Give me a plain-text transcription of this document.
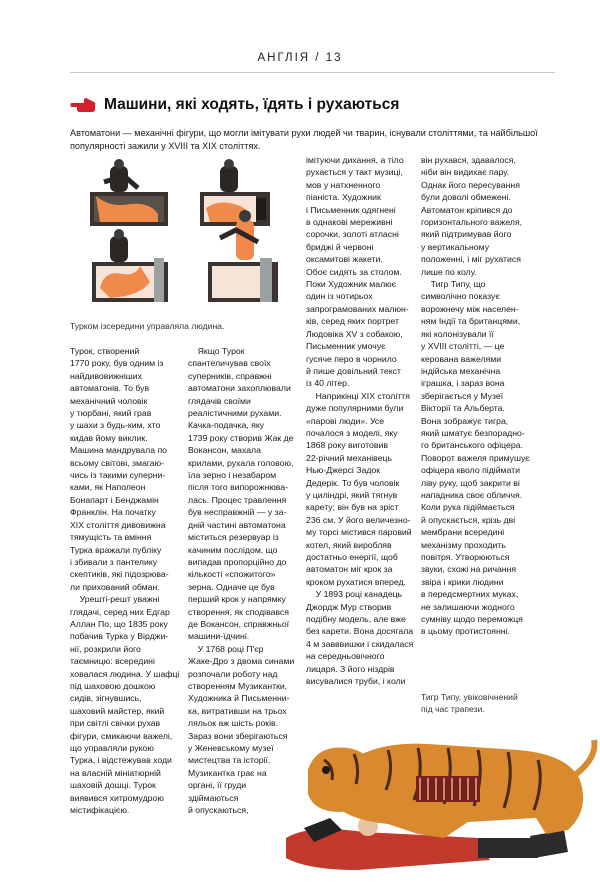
АНГЛІЯ / 13
Машини, які ходять, їдять і рухаються
Автоматони — механічні фігури, що могли імітувати рухи людей чи тварин, існували століттями, та найбільшої популярності зажили у XVIII та XIX століттях.
Турком ізсередини управляла людина.
Турок, створений
1770 року, був одним із
найдивовижніших
автоматонів. То був
механічний чоловік
у тюрбані, який грав
у шахи з будь-ким, хто
кидав йому виклик.
Машина мандрувала по
всьому світові, змагаю-
чись із такими суперни-
ками, як Наполеон
Бонапарт і Бенджамін
Франклін. На початку
XIX століття дивовижна
тямущість та вміння
Турка вражали публіку
і збивали з пантелику
скептиків, які підозрюва-
ли прихований обман.
Урешті-решт уважні
глядачі, серед них Едгар
Аллан По, що 1835 року
побачив Турка у Вірджи-
нії, розкрили його
таємницю: всередині
ховалася людина. У шафці
під шаховою дошкою
сидів, зігнувшись,
шаховий майстер, який
при світлі свічки рухав
фігури, смикаючи важелі,
що управляли рукою
Турка, і відстежував ходи
на власній мініатюрній
шаховій дошці. Турок
виявився хитромудрою
містифікацією.
Якщо Турок
спантеличував своїх
суперників, справжні
автоматони захоплювали
глядачів своїми
реалістичними рухами.
Качка-подачка, яку
1739 року створив Жак де
Вокансон, махала
крилами, рухала головою,
їла зерно і незабаром
після того випорожнюва-
лась. Процес травлення
був несправжній — у за-
дній частині автоматона
міститься резервуар із
качиним послідом, що
випадав пропорційно до
кількості «спожитого»
зерна. Одначе це був
перший крок у напрямку
створення, як сподівався
де Вокансон, справжньої
машини-їдчині.
У 1768 році П'єр
Жаке-Дро з двома синами
розпочали роботу над
створенням Музикантки,
Художника й Письменни-
ка, витративши на трьох
ляльок аж шість років.
Зараз вони зберігаються
у Женевському музеї
мистецтва та історії.
Музикантка грає на
органі, її груди
здіймаються
й опускаються,
імітуючи дихання, а тіло
рухається у такт музиці,
мов у натхненного
піаніста. Художник
і Письменник одягнені
в однакові мереживні
сорочки, золоті атласні
бриджі й червоні
оксамитові жакети.
Обоє сидять за столом.
Поки Художник малює
один із чотирьох
запрограмованих малюн-
ків, серед яких портрет
Людовіка XV з собакою,
Письменник умочує
гусяче перо в чорнило
й пише довільний текст
із 40 літер.
Наприкінці XIX століття
дуже популярними були
«парові люди». Усе
почалося з моделі, яку
1868 року виготовив
22-річний механівець
Нью-Джерсі Задок
Дедерік. То був чоловік
у циліндрі, який тягнув
карету; він був на зріст
236 см. У його величезно-
му торсі містився паровий
котел, який виробляв
достатньо енергії, щоб
автоматон міг крок за
кроком рухатися вперед.
У 1893 році канадець
Джордж Мур створив
подібну модель, але вже
без карети. Вона досягала
4 м завввишки і скидалася
на середньовічного
лицаря. З його ніздрів
висувалися труби, і коли
він рухався, здавалося,
ніби він видихає пару.
Однак його пересування
були доволі обмежені.
Автоматон кріпився до
горизонтального важеля,
який підтримував його
у вертикальному
положенні, і міг рухатися
лише по колу.
Тигр Типу, що
символічно показує
ворожнечу між населен-
ням Індії та британцями,
які колонізували її
у XVIII столітті, — це
керована важелями
індійська механічна
іграшка, і зараз вона
зберігається у Музеї
Вікторії та Альберта.
Вона зображує тигра,
який шматує безпорадно-
го британського офіцера.
Поворот важеля примушує
офіцера кволо підіймати
ліву руку, щоб закрити ві
нападника своє обличчя.
Коли рука підіймається
й опускається, крізь дві
мембрани всередині
механізму проходить
повітря. Утворюються
звуки, схожі на ричання
звіра і крики людини
в передсмертних муках,
не залишаючи жодного
сумніву щодо переможця
в цьому протистоянні.
Тигр Типу, увіковічнений
під час трапези.
